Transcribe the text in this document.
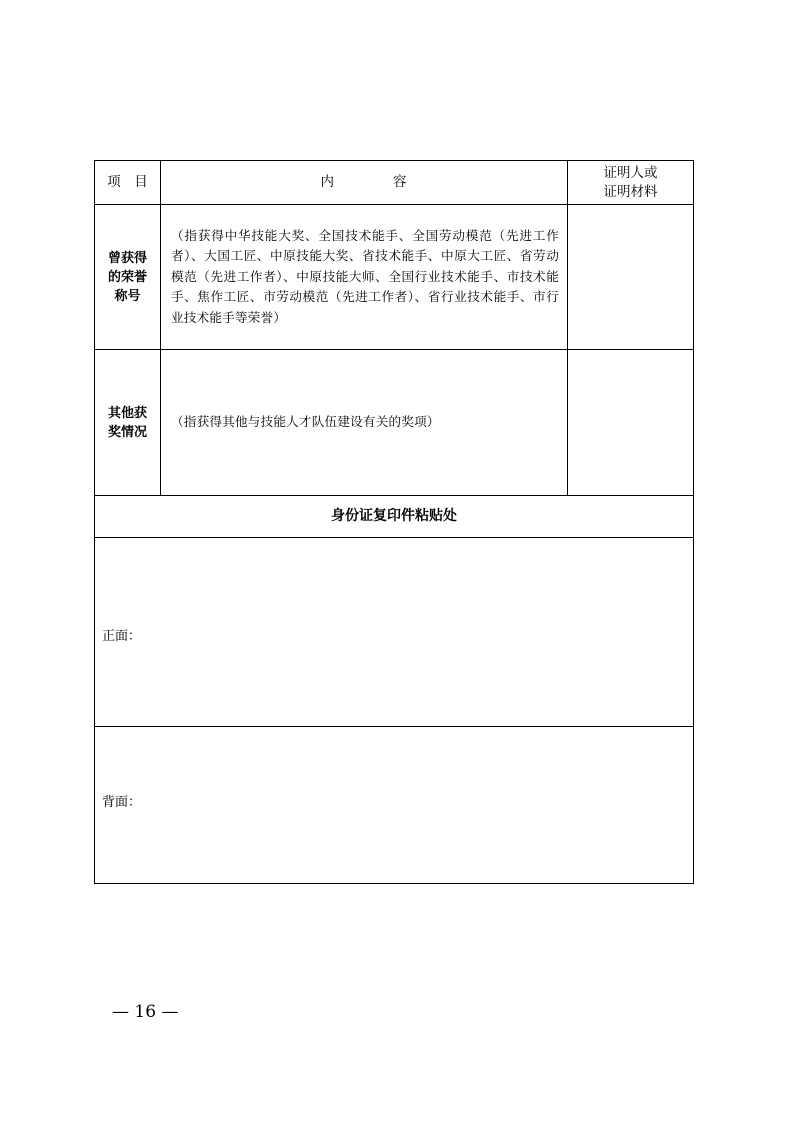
项　目	内　　　　容
证明人或
证明材料
曾获得
的荣誉
称号
（指获得中华技能大奖、全国技术能手、全国劳动模范（先进工作者）、大国工匠、中原技能大奖、省技术能手、中原大工匠、省劳动模范（先进工作者）、中原技能大师、全国行业技术能手、市技术能手、焦作工匠、市劳动模范（先进工作者）、省行业技术能手、市行业技术能手等荣誉）
其他获
奖情况
（指获得其他与技能人才队伍建设有关的奖项）
身份证复印件粘贴处
正面：
背面：
— 16 —
